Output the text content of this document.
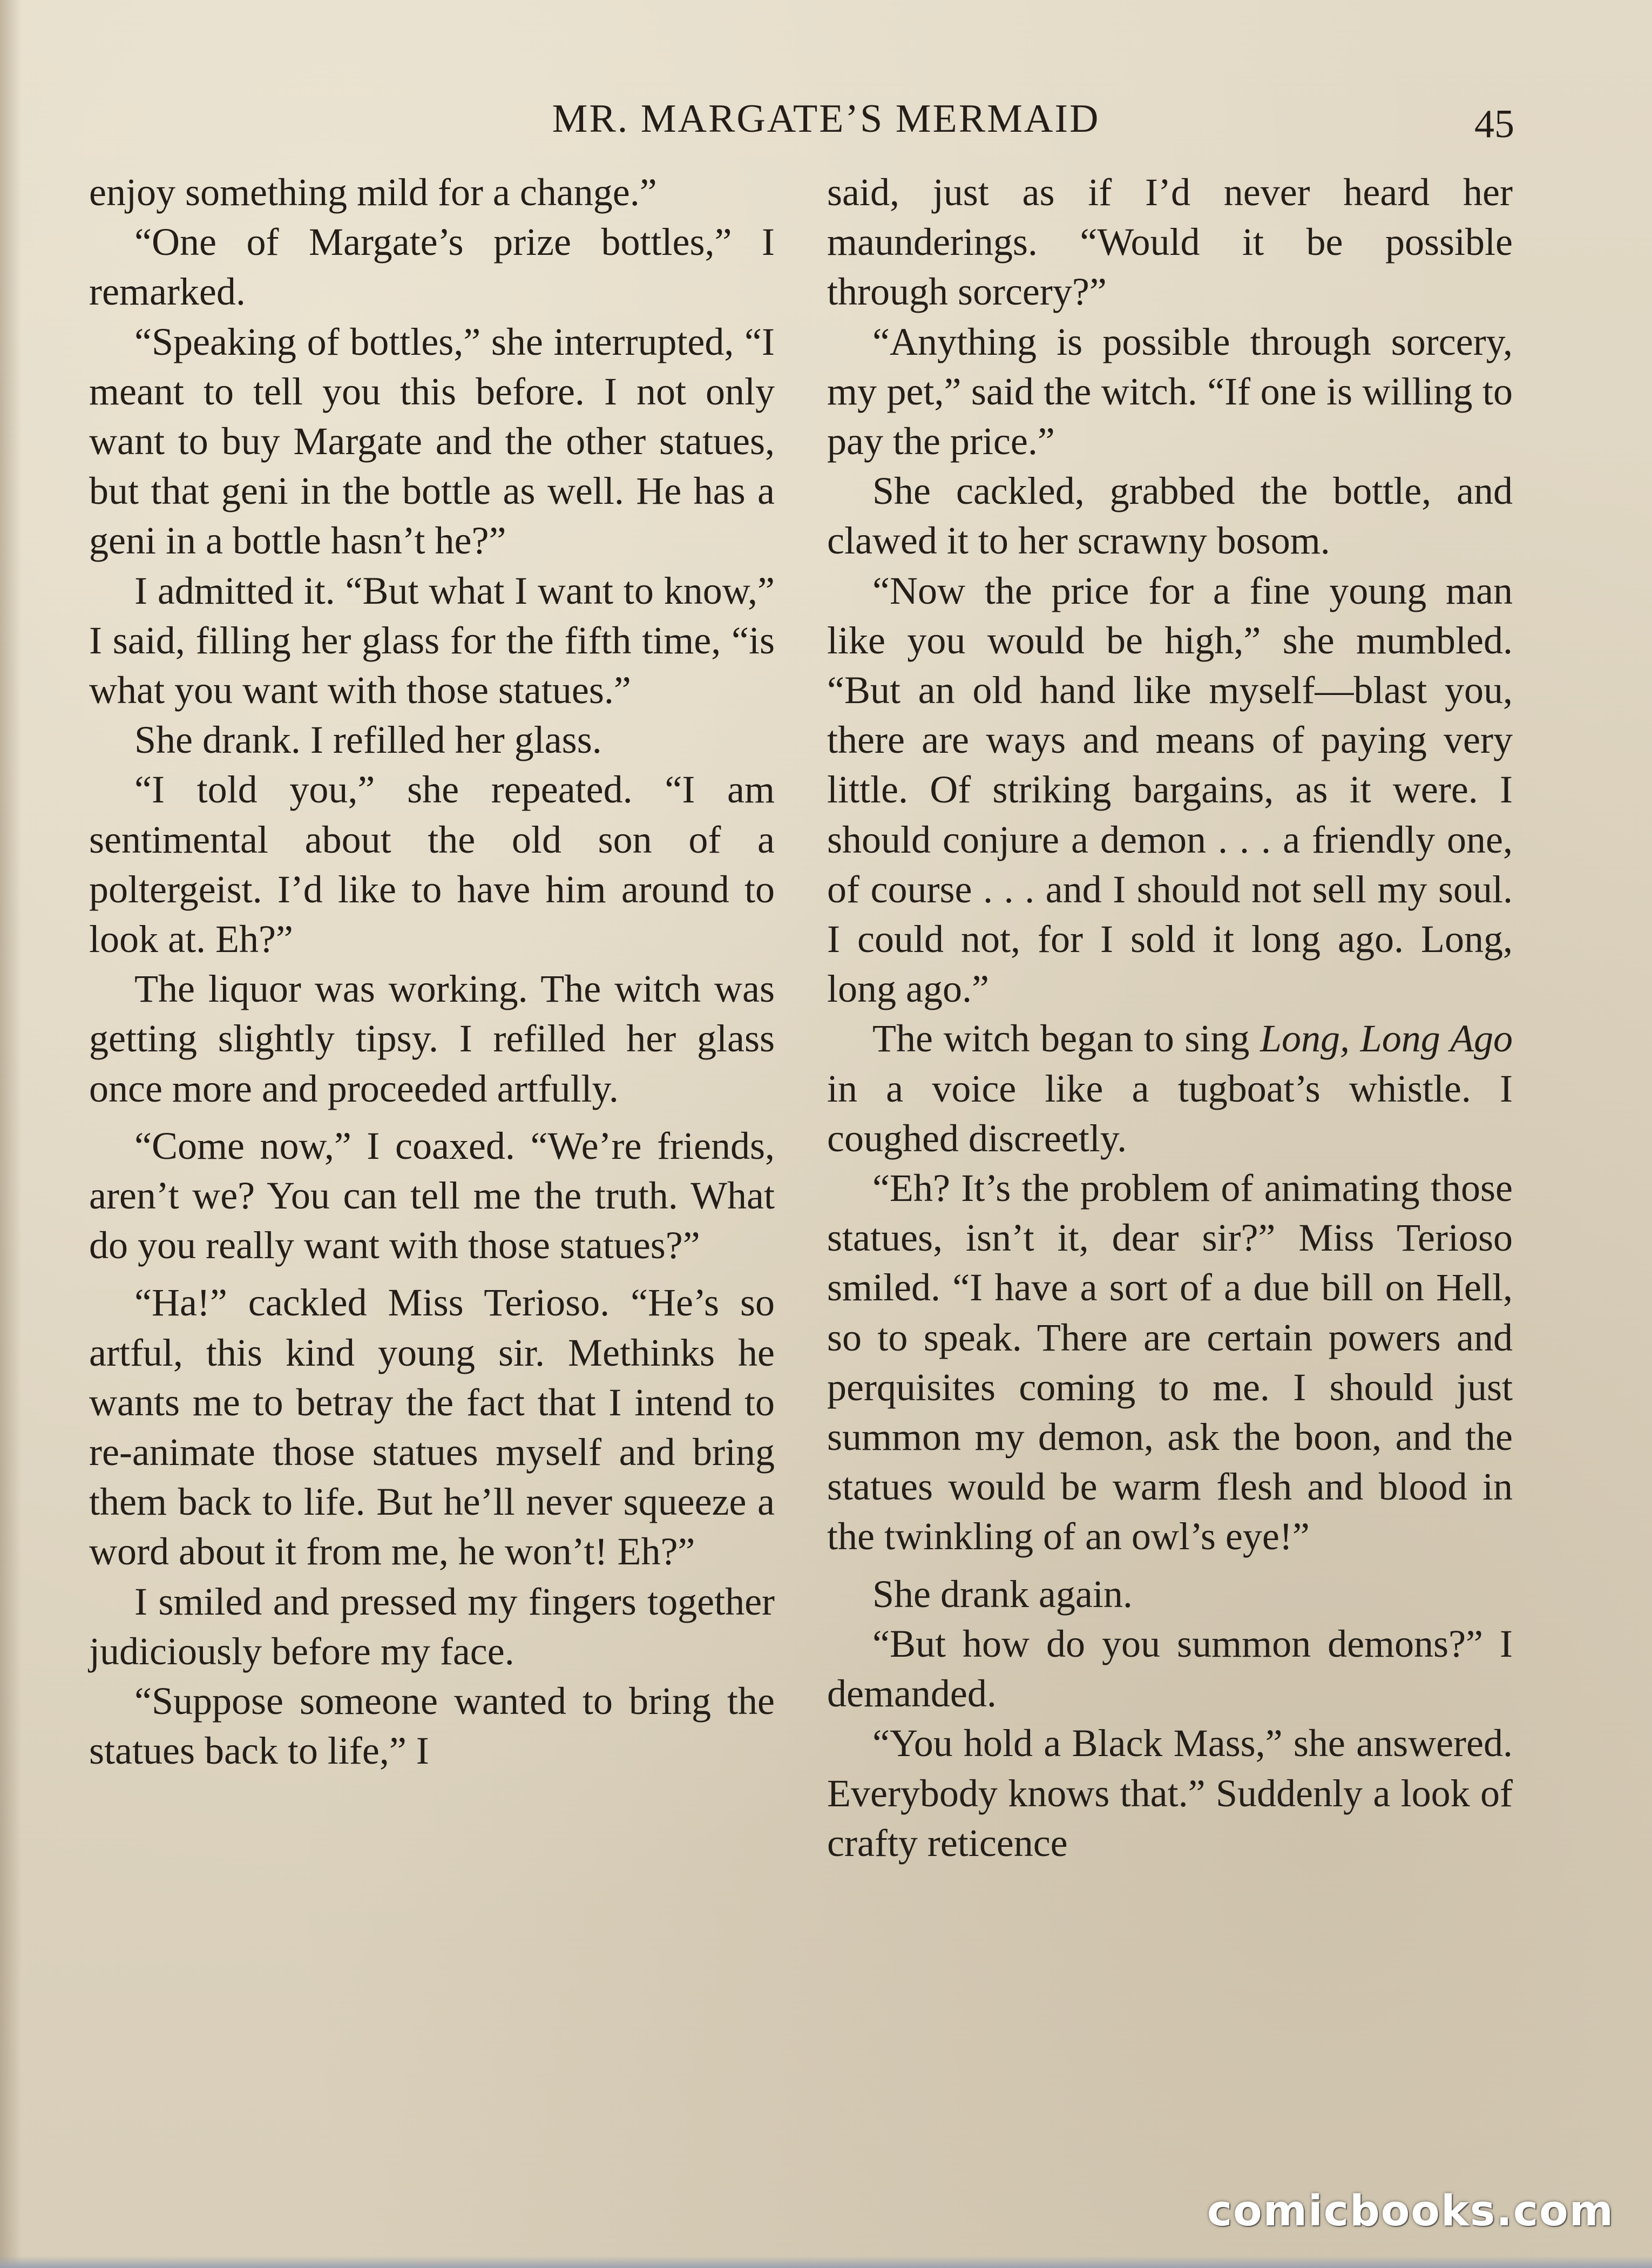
MR. MARGATE’S MERMAID	45

enjoy something mild for a change.”

“One of Margate’s prize bottles,” I remarked.

“Speaking of bottles,” she interrupted, “I meant to tell you this before. I not only want to buy Margate and the other statues, but that geni in the bottle as well. He has a geni in a bottle hasn’t he?”

I admitted it. “But what I want to know,” I said, filling her glass for the fifth time, “is what you want with those statues.”

She drank. I refilled her glass.

“I told you,” she repeated. “I am sentimental about the old son of a poltergeist. I’d like to have him around to look at. Eh?”

The liquor was working. The witch was getting slightly tipsy. I refilled her glass once more and proceeded artfully.

“Come now,” I coaxed. “We’re friends, aren’t we? You can tell me the truth. What do you really want with those statues?”

“Ha!” cackled Miss Terioso. “He’s so artful, this kind young sir. Methinks he wants me to betray the fact that I intend to re-animate those statues myself and bring them back to life. But he’ll never squeeze a word about it from me, he won’t! Eh?”

I smiled and pressed my fingers together judiciously before my face.

“Suppose someone wanted to bring the statues back to life,” I

said, just as if I’d never heard her maunderings. “Would it be possible through sorcery?”

“Anything is possible through sorcery, my pet,” said the witch. “If one is willing to pay the price.”

She cackled, grabbed the bottle, and clawed it to her scrawny bosom.

“Now the price for a fine young man like you would be high,” she mumbled. “But an old hand like myself—blast you, there are ways and means of paying very little. Of striking bargains, as it were. I should conjure a demon . . . a friendly one, of course . . . and I should not sell my soul. I could not, for I sold it long ago. Long, long ago.”

The witch began to sing Long, Long Ago in a voice like a tugboat’s whistle. I coughed discreetly.

“Eh? It’s the problem of animating those statues, isn’t it, dear sir?” Miss Terioso smiled. “I have a sort of a due bill on Hell, so to speak. There are certain powers and perquisites coming to me. I should just summon my demon, ask the boon, and the statues would be warm flesh and blood in the twinkling of an owl’s eye!”

She drank again.

“But how do you summon demons?” I demanded.

“You hold a Black Mass,” she answered. Everybody knows that.” Suddenly a look of crafty reticence

comicbooks.com
